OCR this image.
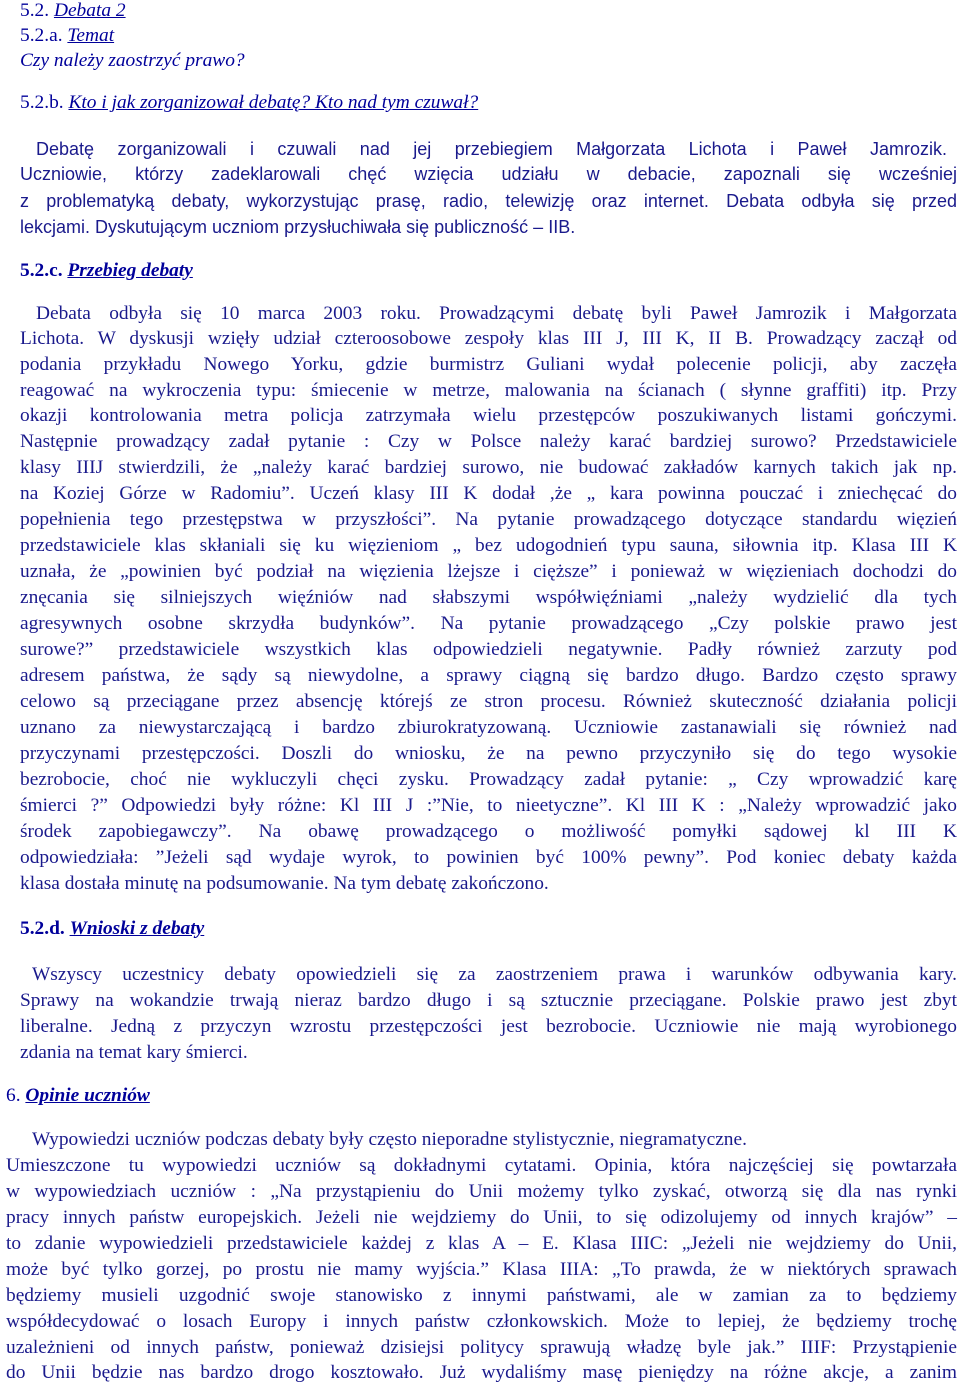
5.2. Debata 2
5.2.a. Temat
Czy należy zaostrzyć prawo?
5.2.b. Kto i jak zorganizował debatę? Kto nad tym czuwał?
Debatę zorganizowali i czuwali nad jej przebiegiem Małgorzata Lichota i Paweł Jamrozik.
Uczniowie, którzy zadeklarowali chęć wzięcia udziału w debacie, zapoznali się wcześniej
z problematyką debaty, wykorzystując prasę, radio, telewizję oraz internet. Debata odbyła się przed
lekcjami. Dyskutującym uczniom przysłuchiwała się publiczność – IIB.
5.2.c. Przebieg debaty
Debata odbyła się 10 marca 2003 roku. Prowadzącymi debatę byli Paweł Jamrozik i Małgorzata
Lichota. W dyskusji wzięły udział czteroosobowe zespoły klas III J, III K, II B. Prowadzący zaczął od
podania przykładu Nowego Yorku, gdzie burmistrz Guliani wydał polecenie policji, aby zaczęła
reagować na wykroczenia typu: śmiecenie w metrze, malowania na ścianach ( słynne graffiti) itp. Przy
okazji kontrolowania metra policja zatrzymała wielu przestępców poszukiwanych listami gończymi.
Następnie prowadzący zadał pytanie : Czy w Polsce należy karać bardziej surowo? Przedstawiciele
klasy IIIJ stwierdzili, że „należy karać bardziej surowo, nie budować zakładów karnych takich jak np.
na Koziej Górze w Radomiu”. Uczeń klasy III K dodał ,że „ kara powinna pouczać i zniechęcać do
popełnienia tego przestępstwa w przyszłości”. Na pytanie prowadzącego dotyczące standardu więzień
przedstawiciele klas skłaniali się ku więzieniom „ bez udogodnień typu sauna, siłownia itp. Klasa III K
uznała, że „powinien być podział na więzienia lżejsze i cięższe” i ponieważ w więzieniach dochodzi do
znęcania się silniejszych więźniów nad słabszymi współwięźniami „należy wydzielić dla tych
agresywnych osobne skrzydła budynków”. Na pytanie prowadzącego „Czy polskie prawo jest
surowe?” przedstawiciele wszystkich klas odpowiedzieli negatywnie. Padły również zarzuty pod
adresem państwa, że sądy są niewydolne, a sprawy ciągną się bardzo długo. Bardzo często sprawy
celowo są przeciągane przez absencję którejś ze stron procesu. Również skuteczność działania policji
uznano za niewystarczającą i bardzo zbiurokratyzowaną. Uczniowie zastanawiali się również nad
przyczynami przestępczości. Doszli do wniosku, że na pewno przyczyniło się do tego wysokie
bezrobocie, choć nie wykluczyli chęci zysku. Prowadzący zadał pytanie: „ Czy wprowadzić karę
śmierci ?” Odpowiedzi były różne: Kl III J :”Nie, to nieetyczne”. Kl III K : „Należy wprowadzić jako
środek zapobiegawczy”. Na obawę prowadzącego o możliwość pomyłki sądowej kl III K
odpowiedziała: ”Jeżeli sąd wydaje wyrok, to powinien być 100% pewny”. Pod koniec debaty każda
klasa dostała minutę na podsumowanie. Na tym debatę zakończono.
5.2.d. Wnioski z debaty
Wszyscy uczestnicy debaty opowiedzieli się za zaostrzeniem prawa i warunków odbywania kary.
Sprawy na wokandzie trwają nieraz bardzo długo i są sztucznie przeciągane. Polskie prawo jest zbyt
liberalne. Jedną z przyczyn wzrostu przestępczości jest bezrobocie. Uczniowie nie mają wyrobionego
zdania na temat kary śmierci.
6. Opinie uczniów
Wypowiedzi uczniów podczas debaty były często nieporadne stylistycznie, niegramatyczne.
Umieszczone tu wypowiedzi uczniów są dokładnymi cytatami. Opinia, która najczęściej się powtarzała
w wypowiedziach uczniów : „Na przystąpieniu do Unii możemy tylko zyskać, otworzą się dla nas rynki
pracy innych państw europejskich. Jeżeli nie wejdziemy do Unii, to się odizolujemy od innych krajów” –
to zdanie wypowiedzieli przedstawiciele każdej z klas A – E. Klasa IIIC: „Jeżeli nie wejdziemy do Unii,
może być tylko gorzej, po prostu nie mamy wyjścia.” Klasa IIIA: „To prawda, że w niektórych sprawach
będziemy musieli uzgodnić swoje stanowisko z innymi państwami, ale w zamian za to będziemy
współdecydować o losach Europy i innych państw członkowskich. Może to lepiej, że będziemy trochę
uzależnieni od innych państw, ponieważ dzisiejsi politycy sprawują władzę byle jak.” IIIF: Przystąpienie
do Unii będzie nas bardzo drogo kosztowało. Już wydaliśmy masę pieniędzy na różne akcje, a zanim
